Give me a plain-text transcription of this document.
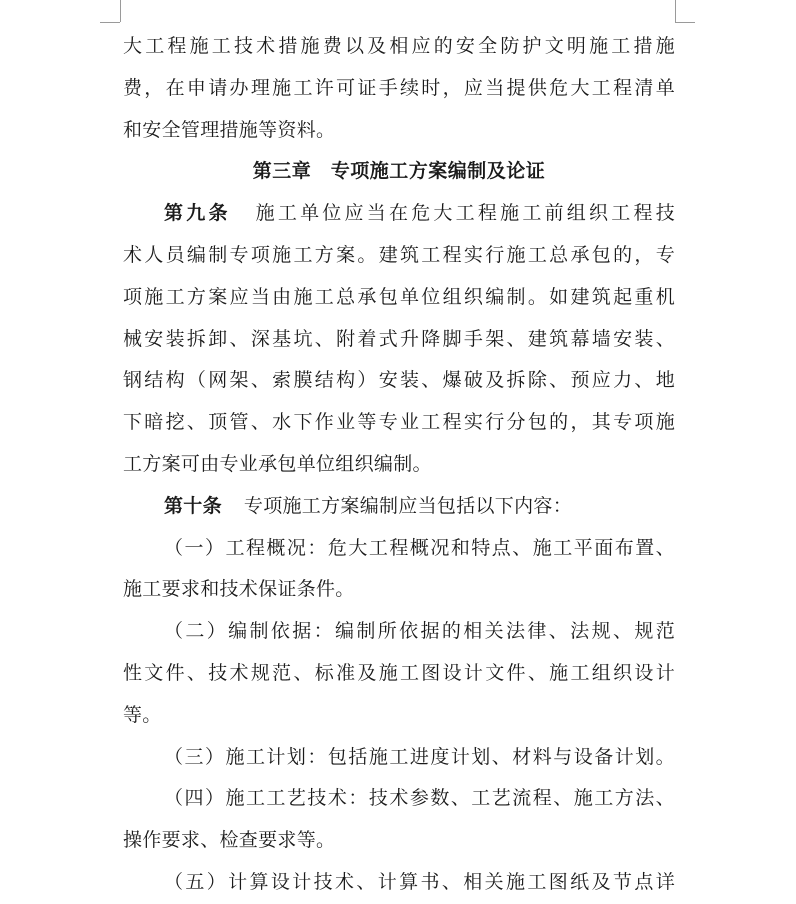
大工程施工技术措施费以及相应的安全防护文明施工措施
费，在申请办理施工许可证手续时，应当提供危大工程清单
和安全管理措施等资料。
第三章　专项施工方案编制及论证
第九条 施工单位应当在危大工程施工前组织工程技
术人员编制专项施工方案。建筑工程实行施工总承包的，专
项施工方案应当由施工总承包单位组织编制。如建筑起重机
械安装拆卸、深基坑、附着式升降脚手架、建筑幕墙安装、
钢结构（网架、索膜结构）安装、爆破及拆除、预应力、地
下暗挖、顶管、水下作业等专业工程实行分包的，其专项施
工方案可由专业承包单位组织编制。
第十条 专项施工方案编制应当包括以下内容：
（一）工程概况：危大工程概况和特点、施工平面布置、
施工要求和技术保证条件。
（二）编制依据：编制所依据的相关法律、法规、规范
性文件、技术规范、标准及施工图设计文件、施工组织设计
等。
（三）施工计划：包括施工进度计划、材料与设备计划。
（四）施工工艺技术：技术参数、工艺流程、施工方法、
操作要求、检查要求等。
（五）计算设计技术、计算书、相关施工图纸及节点详
